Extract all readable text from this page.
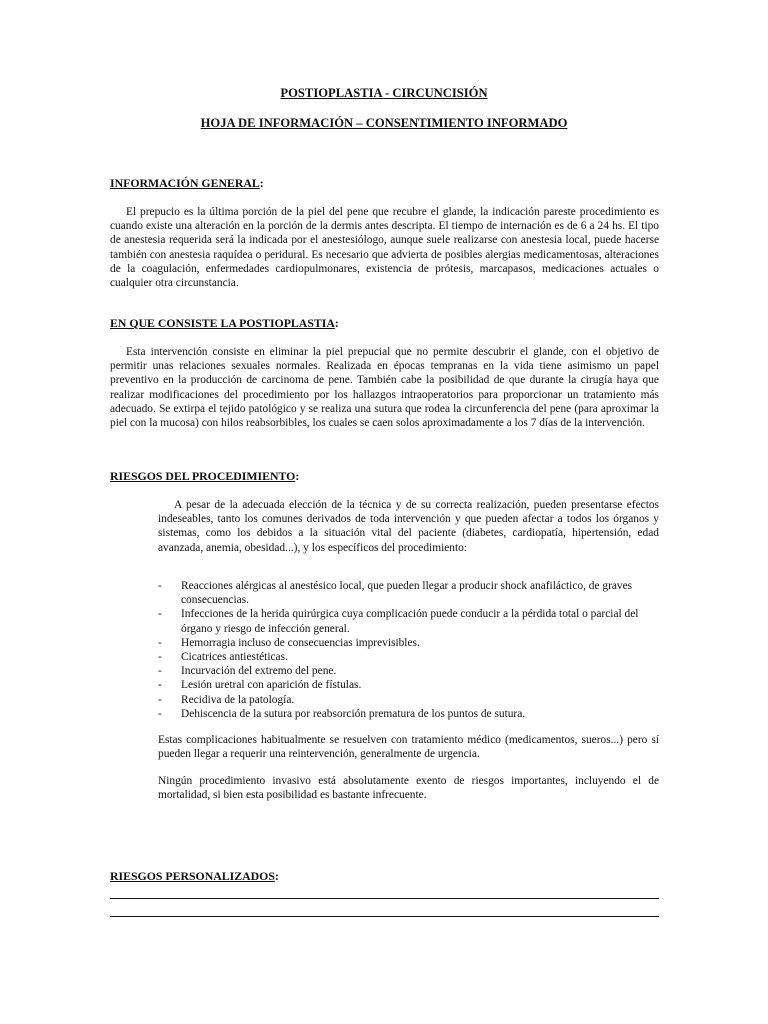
POSTIOPLASTIA - CIRCUNCISIÓN
HOJA DE INFORMACIÓN – CONSENTIMIENTO INFORMADO
INFORMACIÓN GENERAL:

El prepucio es la última porción de la piel del pene que recubre el glande, la indicación pareste procedimiento es cuando existe una alteración en la porción de la dermis antes descripta. El tiempo de internación es de 6 a 24 hs. El tipo de anestesia requerida será la indicada por el anestesiólogo, aunque suele realizarse con anestesia local, puede hacerse también con anestesia raquídea o peridural. Es necesario que advierta de posibles alergias medicamentosas, alteraciones de la coagulación, enfermedades cardiopulmonares, existencia de prótesis, marcapasos, medicaciones actuales o cualquier otra circunstancia.

EN QUE CONSISTE LA POSTIOPLASTIA:

Esta intervención consiste en eliminar la piel prepucial que no permite descubrir el glande, con el objetivo de permitir unas relaciones sexuales normales. Realizada en épocas tempranas en la vida tiene asimismo un papel preventivo en la producción de carcinoma de pene. También cabe la posibilidad de que durante la cirugía haya que realizar modificaciones del procedimiento por los hallazgos intraoperatorios para proporcionar un tratamiento más adecuado. Se extirpa el tejido patológico y se realiza una sutura que rodea la circunferencia del pene (para aproximar la piel con la mucosa) con hilos reabsorbibles, los cuales se caen solos aproximadamente a los 7 días de la intervención.

RIESGOS DEL PROCEDIMIENTO:

A pesar de la adecuada elección de la técnica y de su correcta realización, pueden presentarse efectos indeseables, tanto los comunes derivados de toda intervención y que pueden afectar a todos los órganos y sistemas, como los debidos a la situación vital del paciente (diabetes, cardiopatía, hipertensión, edad avanzada, anemia, obesidad...), y los específicos del procedimiento:

- Reacciones alérgicas al anestésico local, que pueden llegar a producir shock anafiláctico, de graves consecuencias.
- Infecciones de la herida quirúrgica cuya complicación puede conducir a la pérdida total o parcial del órgano y riesgo de infección general.
- Hemorragia incluso de consecuencias imprevisibles.
- Cicatrices antiestéticas.
- Incurvación del extremo del pene.
- Lesión uretral con aparición de fístulas.
- Recidiva de la patología.
- Dehiscencia de la sutura por reabsorción prematura de los puntos de sutura.

Estas complicaciones habitualmente se resuelven con tratamiento médico (medicamentos, sueros...) pero sí pueden llegar a requerir una reintervención, generalmente de urgencia.

Ningún procedimiento invasivo está absolutamente exento de riesgos importantes, incluyendo el de mortalidad, si bien esta posibilidad es bastante infrecuente.

RIESGOS PERSONALIZADOS:
